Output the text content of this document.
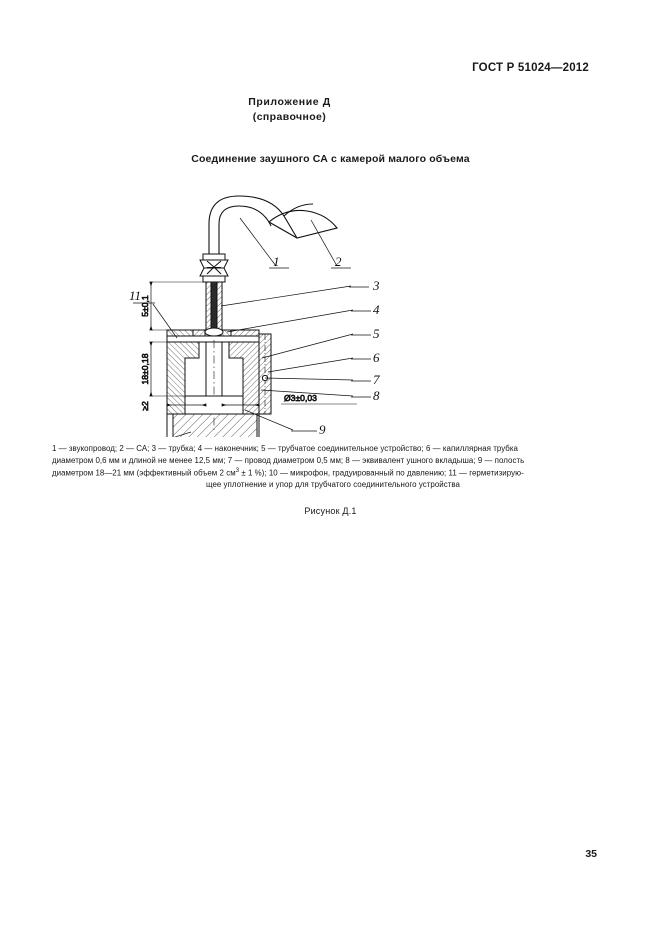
ГОСТ Р 51024—2012
Приложение Д
(справочное)
Соединение заушного СА с камерой малого объема
5±0,1
18±0,18
≥2
Ø3±0,03
1	2
3
4
5
6
7
8
9
11
1 — звукопровод; 2 — СА; 3 — трубка; 4 — наконечник; 5 — трубчатое соединительное устройство; 6 — капиллярная трубка
диаметром 0,6 мм и длиной не менее 12,5 мм; 7 — провод диаметром 0,5 мм; 8 — эквивалент ушного вкладыша; 9 — полость
диаметром 18—21 мм (эффективный объем 2 $см^3 \pm 1$ %); 10 — микрофон, градуированный по давлению; 11 — герметизирую-
щее уплотнение и упор для трубчатого соединительного устройства
Рисунок Д.1
35
